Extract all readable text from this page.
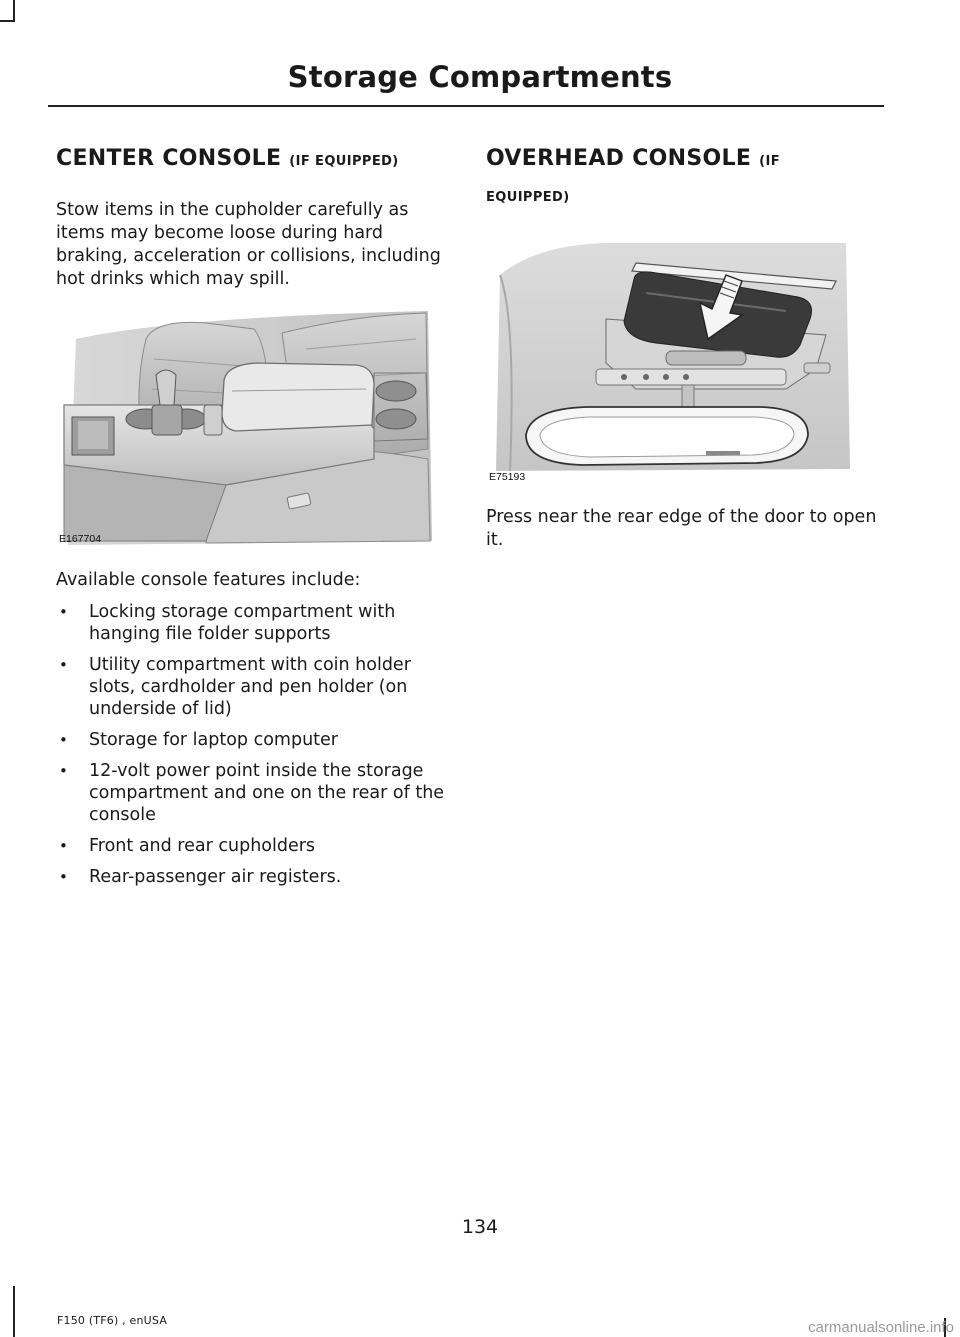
Storage Compartments
CENTER CONSOLE (IF EQUIPPED)

Stow items in the cupholder carefully as items may become loose during hard braking, acceleration or collisions, including hot drinks which may spill.

E167704

Available console features include:

• Locking storage compartment with hanging file folder supports
• Utility compartment with coin holder slots, cardholder and pen holder (on underside of lid)
• Storage for laptop computer
• 12-volt power point inside the storage compartment and one on the rear of the console
• Front and rear cupholders
• Rear-passenger air registers.
OVERHEAD CONSOLE (IF
EQUIPPED)
E75193

Press near the rear edge of the door to open it.

134
F150 (TF6) , enUSA	carmanualsonline.info
